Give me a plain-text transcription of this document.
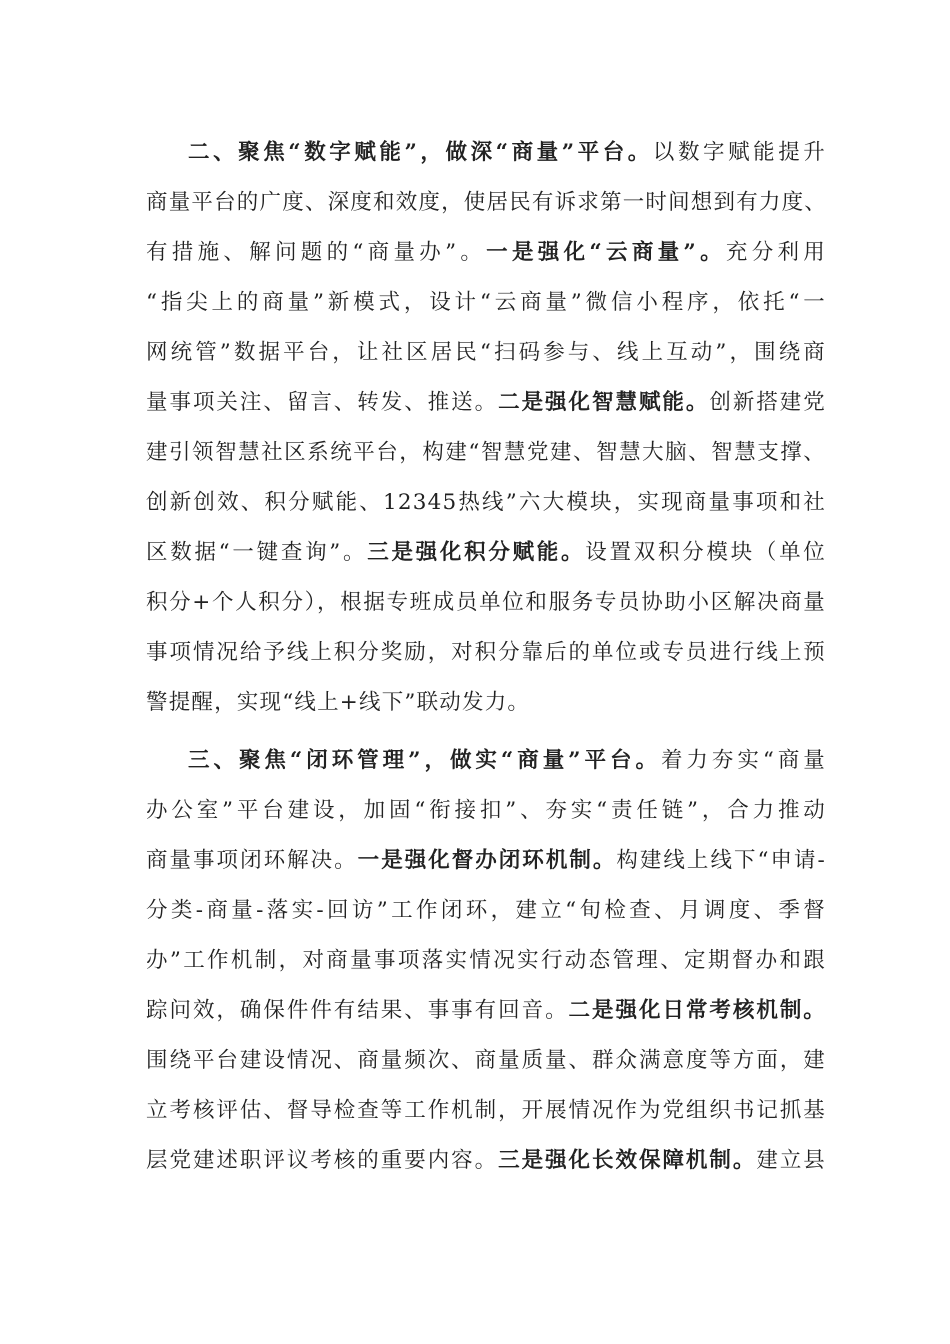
二、聚焦“数字赋能”，做深“商量”平台。以数字赋能提升
商量平台的广度、深度和效度，使居民有诉求第一时间想到有力度、
有措施、解问题的“商量办”。一是强化“云商量”。充分利用
“指尖上的商量”新模式，设计“云商量”微信小程序，依托“一
网统管”数据平台，让社区居民“扫码参与、线上互动”，围绕商
量事项关注、留言、转发、推送。二是强化智慧赋能。创新搭建党
建引领智慧社区系统平台，构建“智慧党建、智慧大脑、智慧支撑、
创新创效、积分赋能、12345热线”六大模块，实现商量事项和社
区数据“一键查询”。三是强化积分赋能。设置双积分模块（单位
积分+个人积分），根据专班成员单位和服务专员协助小区解决商量
事项情况给予线上积分奖励，对积分靠后的单位或专员进行线上预
警提醒，实现“线上+线下”联动发力。
三、聚焦“闭环管理”，做实“商量”平台。着力夯实“商量
办公室”平台建设，加固“衔接扣”、夯实“责任链”，合力推动
商量事项闭环解决。一是强化督办闭环机制。构建线上线下“申请-
分类-商量-落实-回访”工作闭环，建立“旬检查、月调度、季督
办”工作机制，对商量事项落实情况实行动态管理、定期督办和跟
踪问效，确保件件有结果、事事有回音。二是强化日常考核机制。
围绕平台建设情况、商量频次、商量质量、群众满意度等方面，建
立考核评估、督导检查等工作机制，开展情况作为党组织书记抓基
层党建述职评议考核的重要内容。三是强化长效保障机制。建立县
